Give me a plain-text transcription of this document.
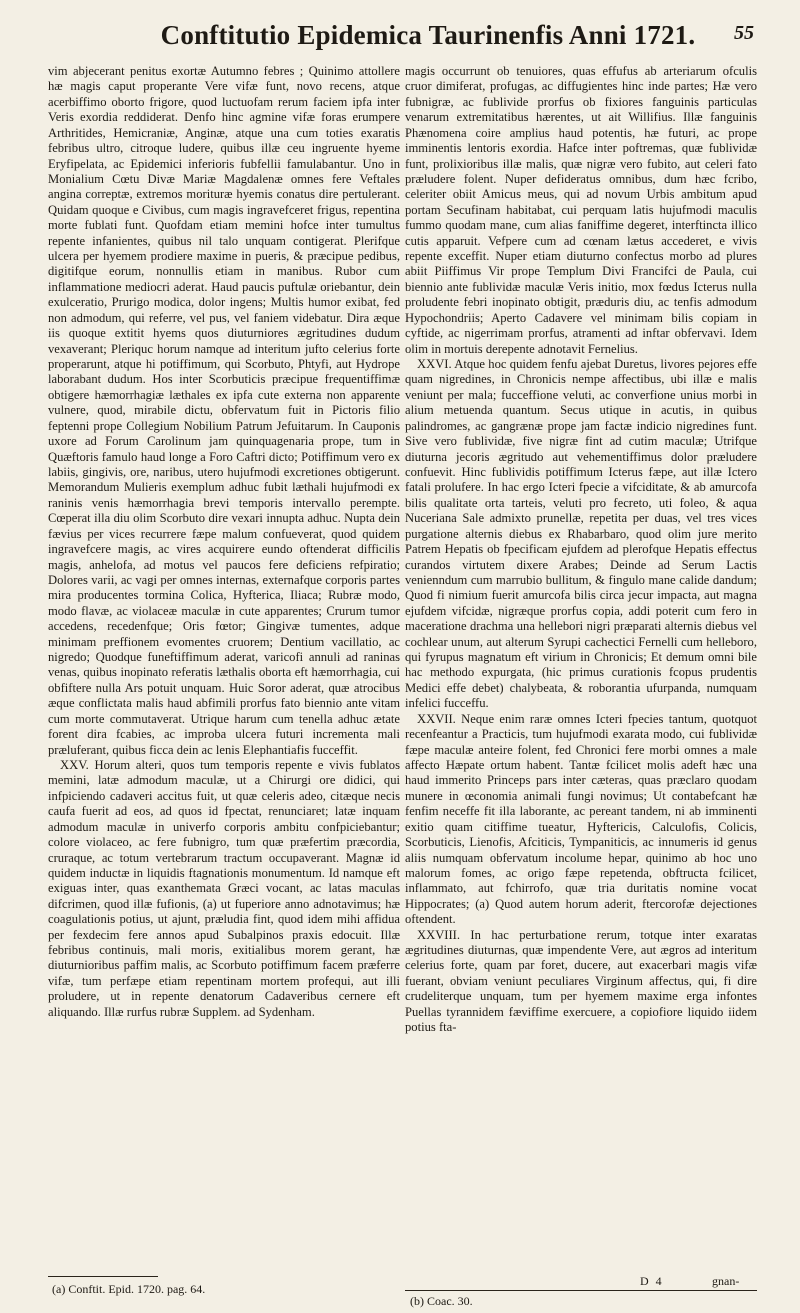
Conftitutio Epidemica Taurinenfis Anni 1721.	55

vim abjecerant penitus exortæ Autumno febres ; Quinimo attollere hæ magis caput properante Vere vifæ funt, novo recens, atque acerbiffimo oborto frigore, quod luctuofam rerum faciem ipfa inter Veris exordia reddiderat. Denfo hinc agmine vifæ foras erumpere Arthritides, Hemicraniæ, Anginæ, atque una cum toties exaratis febribus ultro, citroque ludere, quibus illæ ceu ingruente hyeme Eryfipelata, ac Epidemici inferioris fubfellii famulabantur. Uno in Monialium Cœtu Divæ Mariæ Magdalenæ omnes fere Veftales angina correptæ, extremos morituræ hyemis conatus dire pertulerant. Quidam quoque e Civibus, cum magis ingravefceret frigus, repentina morte fublati funt. Quofdam etiam memini hofce inter tumultus repente infanientes, quibus nil talo unquam contigerat. Plerifque ulcera per hyemem prodiere maxime in pueris, & præcipue pedibus, digitifque eorum, nonnullis etiam in manibus. Rubor cum inflammatione mediocri aderat. Haud paucis puftulæ oriebantur, dein exulceratio, Prurigo modica, dolor ingens; Multis humor exibat, fed non admodum, qui referre, vel pus, vel faniem videbatur. Dira æque iis quoque extitit hyems quos diuturniores ægritudines dudum vexaverant; Pleriquc horum namque ad interitum jufto celerius forte properarunt, atque hi potiffimum, qui Scorbuto, Phtyfi, aut Hydrope laborabant dudum. Hos inter Scorbuticis præcipue frequentiffimæ obtigere hæmorrhagiæ læthales ex ipfa cute externa non apparente vulnere, quod, mirabile dictu, obfervatum fuit in Pictoris filio feptenni prope Collegium Nobilium Patrum Jefuitarum. In Cauponis uxore ad Forum Carolinum jam quinquagenaria prope, tum in Quæftoris famulo haud longe a Foro Caftri dicto; Potiffimum vero ex labiis, gingivis, ore, naribus, utero hujufmodi excretiones obtigerunt. Memorandum Mulieris exemplum adhuc fubit læthali hujufmodi ex raninis venis hæmorrhagia brevi temporis intervallo perempte. Cœperat illa diu olim Scorbuto dire vexari innupta adhuc. Nupta dein fævius per vices recurrere fæpe malum confueverat, quod quidem ingravefcere magis, ac vires acquirere eundo oftenderat difficilis magis, anhelofa, ad motus vel paucos fere deficiens refpiratio; Dolores varii, ac vagi per omnes internas, externafque corporis partes mira producentes tormina Colica, Hyfterica, Iliaca; Rubræ modo, modo flavæ, ac violaceæ maculæ in cute apparentes; Crurum tumor accedens, recedenfque; Oris fœtor; Gingivæ tumentes, adque minimam preffionem evomentes cruorem; Dentium vacillatio, ac nigredo; Quodque funeftiffimum aderat, varicofi annuli ad raninas venas, quibus inopinato referatis læthalis oborta eft hæmorrhagia, cui obfiftere nulla Ars potuit unquam. Huic Soror aderat, quæ atrocibus æque conflictata malis haud abfimili prorfus fato biennio ante vitam cum morte commutaverat. Utrique harum cum tenella adhuc ætate forent dira fcabies, ac improba ulcera futuri incrementa mali præluferant, quibus ficca dein ac lenis Elephantiafis fucceffit.

XXV. Horum alteri, quos tum temporis repente e vivis fublatos memini, latæ admodum maculæ, ut a Chirurgi ore didici, qui infpiciendo cadaveri accitus fuit, ut quæ celeris adeo, citæque necis caufa fuerit ad eos, ad quos id fpectat, renunciaret; latæ inquam admodum maculæ in univerfo corporis ambitu confpiciebantur; colore violaceo, ac fere fubnigro, tum quæ præfertim præcordia, cruraque, ac totum vertebrarum tractum occupaverant. Magnæ id quidem inductæ in liquidis ftagnationis monumentum. Id namque eft exiguas inter, quas exanthemata Græci vocant, ac latas maculas difcrimen, quod illæ fufionis, (a) ut fuperiore anno adnotavimus; hæ coagulationis potius, ut ajunt, præludia fint, quod idem mihi affidua per fexdecim fere annos apud Subalpinos praxis edocuit. Illæ febribus continuis, mali moris, exitialibus morem gerant, hæ diuturnioribus paffim malis, ac Scorbuto potiffimum facem præferre vifæ, tum perfæpe etiam repentinam mortem profequi, aut illi proludere, ut in repente denatorum Cadaveribus cernere eft aliquando. Illæ rurfus rubræ Supplem. ad Sydenham.

(a) Conftit. Epid. 1720. pag. 64.

magis occurrunt ob tenuiores, quas effufus ab arteriarum ofculis cruor dimiferat, profugas, ac diffugientes hinc inde partes; Hæ vero fubnigræ, ac fublivide prorfus ob fixiores fanguinis particulas venarum extremitatibus hærentes, ut ait Willifius. Illæ fanguinis Phænomena coire amplius haud potentis, hæ futuri, ac prope imminentis lentoris exordia. Hafce inter poftremas, quæ fublividæ funt, prolixioribus illæ malis, quæ nigræ vero fubito, aut celeri fato præludere folent. Nuper defideratus omnibus, dum hæc fcribo, celeriter obiit Amicus meus, qui ad novum Urbis ambitum apud portam Secufinam habitabat, cui perquam latis hujufmodi maculis fummo quodam mane, cum alias faniffime degeret, interftincta illico cutis apparuit. Vefpere cum ad cœnam lætus accederet, e vivis repente exceffit. Nuper etiam diuturno confectus morbo ad plures abiit Piiffimus Vir prope Templum Divi Francifci de Paula, cui biennio ante fublividæ maculæ Veris initio, mox fœdus Icterus nulla proludente febri inopinato obtigit, præduris diu, ac tenfis admodum Hypochondriis; Aperto Cadavere vel minimam bilis copiam in cyftide, ac nigerrimam prorfus, atramenti ad inftar obfervavi. Idem olim in mortuis derepente adnotavit Fernelius.

XXVI. Atque hoc quidem fenfu ajebat Duretus, livores pejores effe quam nigredines, in Chronicis nempe affectibus, ubi illæ e malis veniunt per mala; fucceffione veluti, ac converfione unius morbi in alium metuenda quantum. Secus utique in acutis, in quibus palindromes, ac gangrænæ prope jam factæ indicio nigredines funt. Sive vero fublividæ, five nigræ fint ad cutim maculæ; Utrifque diuturna jecoris ægritudo aut vehementiffimus dolor præludere confuevit. Hinc fublividis potiffimum Icterus fæpe, aut illæ Ictero fatali prolufere. In hac ergo Icteri fpecie a vifciditate, & ab amurcofa bilis qualitate orta tarteis, veluti pro fecreto, uti foleo, & aqua Nuceriana Sale admixto prunellæ, repetita per duas, vel tres vices purgatione alternis diebus ex Rhabarbaro, quod olim jure merito Patrem Hepatis ob fpecificam ejufdem ad plerofque Hepatis effectus curandos virtutem dixere Arabes; Deinde ad Serum Lactis venienndum cum marrubio bullitum, & fingulo mane calide dandum; Quod fi nimium fuerit amurcofa bilis circa jecur impacta, aut magna ejufdem vifcidæ, nigræque prorfus copia, addi poterit cum fero in maceratione drachma una hellebori nigri præparati alternis diebus vel cochlear unum, aut alterum Syrupi cachectici Fernelli cum helleboro, qui fyrupus magnatum eft virium in Chronicis; Et demum omni bile hac methodo expurgata, (hic primus curationis fcopus prudentis Medici effe debet) chalybeata, & roborantia ufurpanda, numquam infelici fucceffu.

XXVII. Neque enim raræ omnes Icteri fpecies tantum, quotquot recenfeantur a Practicis, tum hujufmodi exarata modo, cui fublividæ fæpe maculæ anteire folent, fed Chronici fere morbi omnes a male affecto Hæpate ortum habent. Tantæ fcilicet molis adeft hæc una haud immerito Princeps pars inter cæteras, quas præclaro quodam munere in œconomia animali fungi novimus; Ut contabefcant hæ fenfim neceffe fit illa laborante, ac pereant tandem, ni ab imminenti exitio quam citiffime tueatur, Hyftericis, Calculofis, Colicis, Scorbuticis, Lienofis, Afciticis, Tympaniticis, ac innumeris id genus aliis numquam obfervatum incolume hepar, quinimo ab hoc uno malorum fomes, ac origo fæpe repetenda, obftructa fcilicet, inflammato, aut fchirrofo, quæ tria duritatis nomine vocat Hippocrates; (a) Quod autem horum aderit, ftercorofæ dejectiones oftendent.

XXVIII. In hac perturbatione rerum, totque inter exaratas ægritudines diuturnas, quæ impendente Vere, aut ægros ad interitum celerius forte, quam par foret, ducere, aut exacerbari magis vifæ fuerant, obviam veniunt peculiares Virginum affectus, qui, fi dire crudeliterque unquam, tum per hyemem maxime erga infontes Puellas tyrannidem fæviffime exercuere, a copiofiore liquido iidem potius fta-

D 4	gnan-
(b) Coac. 30.
